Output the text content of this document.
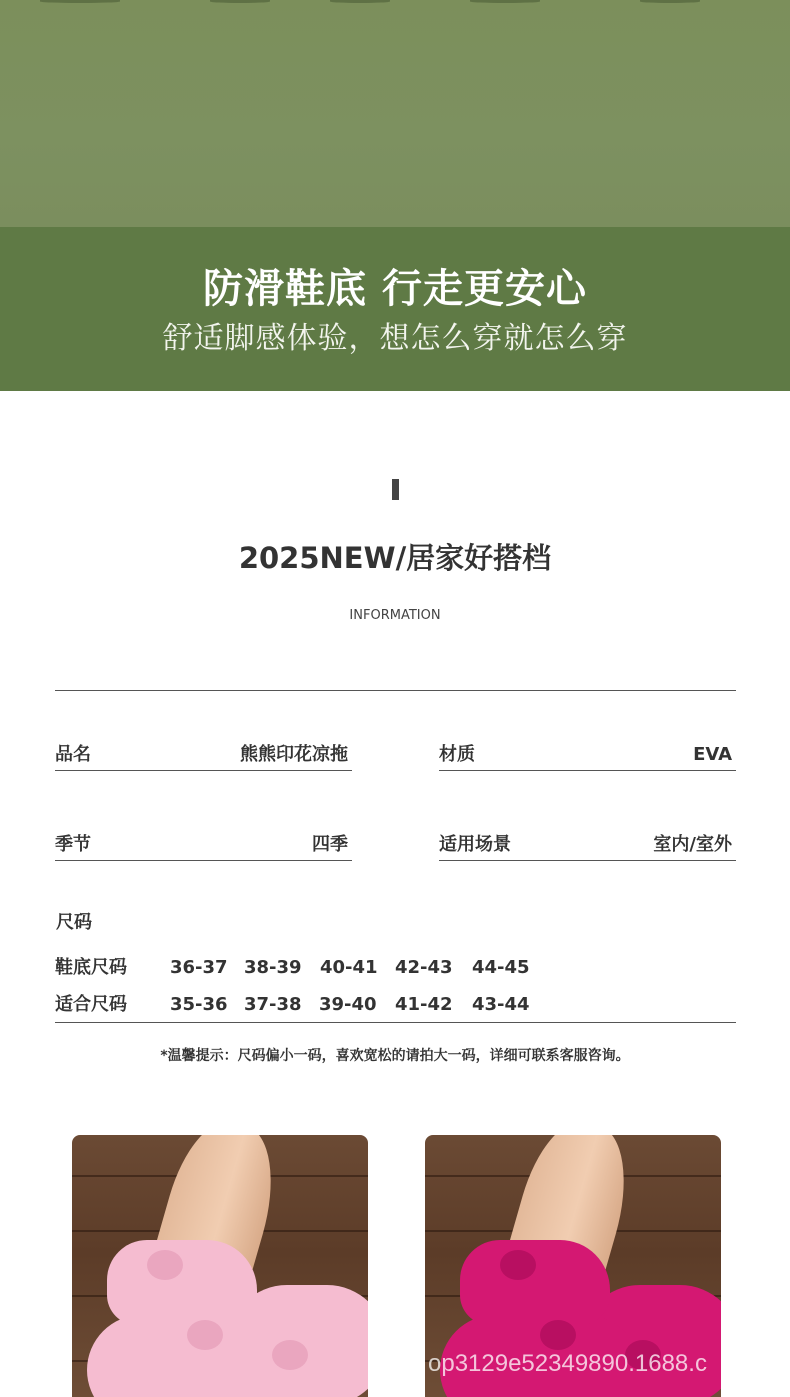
防滑鞋底 行走更安心
舒适脚感体验，想怎么穿就怎么穿
2025NEW/居家好搭档
INFORMATION
品名	熊熊印花凉拖	材质	EVA
季节	四季	适用场景	室内/室外
尺码
鞋底尺码 36-37 38-39 40-41 42-43 44-45
适合尺码 35-36 37-38 39-40 41-42 43-44
*温馨提示：尺码偏小一码，喜欢宽松的请拍大一码，详细可联系客服咨询。
op3129e52349890.1688.c
